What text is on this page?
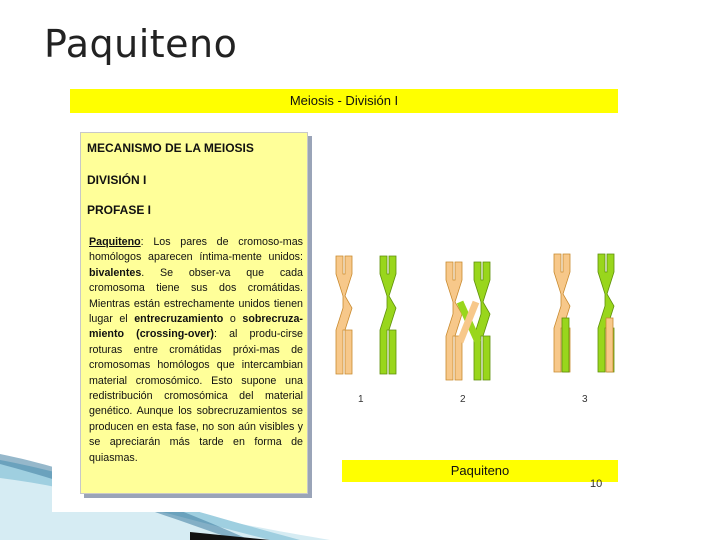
Paquiteno
Meiosis - División I
MECANISMO DE LA MEIOSIS
DIVISIÓN I
PROFASE I
Paquiteno: Los pares de cromoso-mas homólogos aparecen íntima-mente unidos: bivalentes. Se obser-va que cada cromosoma tiene sus dos cromátidas. Mientras están estrechamente unidos tienen lugar el entrecruzamiento o sobrecruza-miento (crossing-over): al produ-cirse roturas entre cromátidas próxi-mas de cromosomas homólogos que intercambian material cromosómico. Esto supone una redistribución cromosómica del material genético. Aunque los sobrecruzamientos se producen en esta fase, no son aún visibles y se apreciarán más tarde en forma de quiasmas.
1	2	3
Paquiteno
10
